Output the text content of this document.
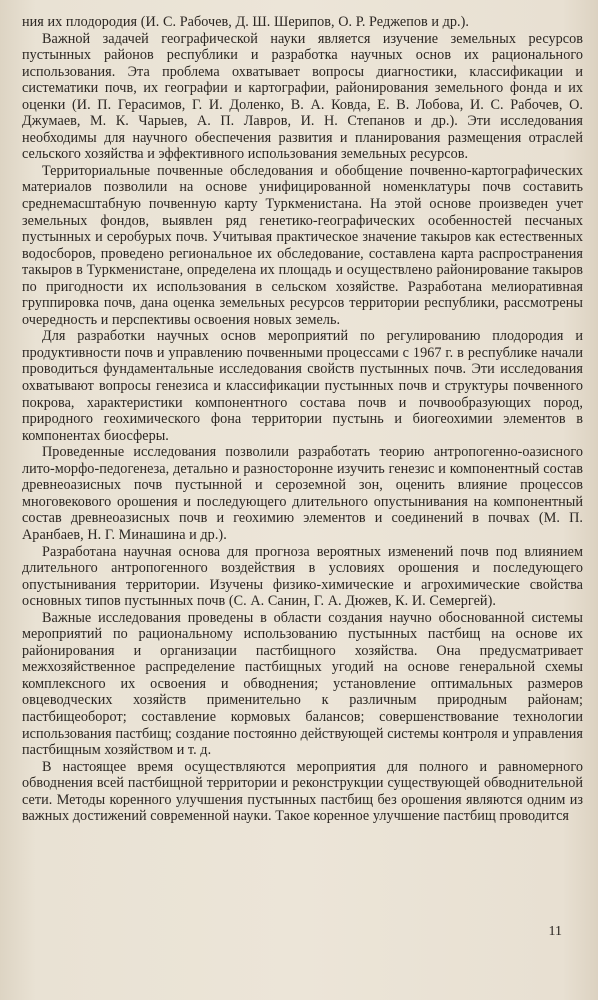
ния их плодородия (И. С. Рабочев, Д. Ш. Шерипов, О. Р. Реджепов и др.).

Важной задачей географической науки является изучение земельных ресурсов пустынных районов республики и разработка научных основ их рационального использования. Эта проблема охватывает вопросы диагностики, классификации и систематики почв, их географии и картографии, районирования земельного фонда и их оценки (И. П. Герасимов, Г. И. Доленко, В. А. Ковда, Е. В. Лобова, И. С. Рабочев, О. Джумаев, М. К. Чарыев, А. П. Лавров, И. Н. Степанов и др.). Эти исследования необходимы для научного обеспечения развития и планирования размещения отраслей сельского хозяйства и эффективного использования земельных ресурсов.

Территориальные почвенные обследования и обобщение почвенно-картографических материалов позволили на основе унифицированной номенклатуры почв составить среднемасштабную почвенную карту Туркменистана. На этой основе произведен учет земельных фондов, выявлен ряд генетико-географических особенностей песчаных пустынных и серобурых почв. Учитывая практическое значение такыров как естественных водосборов, проведено региональное их обследование, составлена карта распространения такыров в Туркменистане, определена их площадь и осуществлено районирование такыров по пригодности их использования в сельском хозяйстве. Разработана мелиоративная группировка почв, дана оценка земельных ресурсов территории республики, рассмотрены очередность и перспективы освоения новых земель.

Для разработки научных основ мероприятий по регулированию плодородия и продуктивности почв и управлению почвенными процессами с 1967 г. в республике начали проводиться фундаментальные исследования свойств пустынных почв. Эти исследования охватывают вопросы генезиса и классификации пустынных почв и структуры почвенного покрова, характеристики компонентного состава почв и почвообразующих пород, природного геохимического фона территории пустынь и биогеохимии элементов в компонентах биосферы.

Проведенные исследования позволили разработать теорию антропогенно-оазисного лито-морфо-педогенеза, детально и разносторонне изучить генезис и компонентный состав древнеоазисных почв пустынной и сероземной зон, оценить влияние процессов многовекового орошения и последующего длительного опустынивания на компонентный состав древнеоазисных почв и геохимию элементов и соединений в почвах (М. П. Аранбаев, Н. Г. Минашина и др.).

Разработана научная основа для прогноза вероятных изменений почв под влиянием длительного антропогенного воздействия в условиях орошения и последующего опустынивания территории. Изучены физико-химические и агрохимические свойства основных типов пустынных почв (С. А. Санин, Г. А. Дюжев, К. И. Семергей).

Важные исследования проведены в области создания научно обоснованной системы мероприятий по рациональному использованию пустынных пастбищ на основе их районирования и организации пастбищного хозяйства. Она предусматривает межхозяйственное распределение пастбищных угодий на основе генеральной схемы комплексного их освоения и обводнения; установление оптимальных размеров овцеводческих хозяйств применительно к различным природным районам; пастбищеоборот; составление кормовых балансов; совершенствование технологии использования пастбищ; создание постоянно действующей системы контроля и управления пастбищным хозяйством и т. д.

В настоящее время осуществляются мероприятия для полного и равномерного обводнения всей пастбищной территории и реконструкции существующей обводнительной сети. Методы коренного улучшения пустынных пастбищ без орошения являются одним из важных достижений современной науки. Такое коренное улучшение пастбищ проводится

11
